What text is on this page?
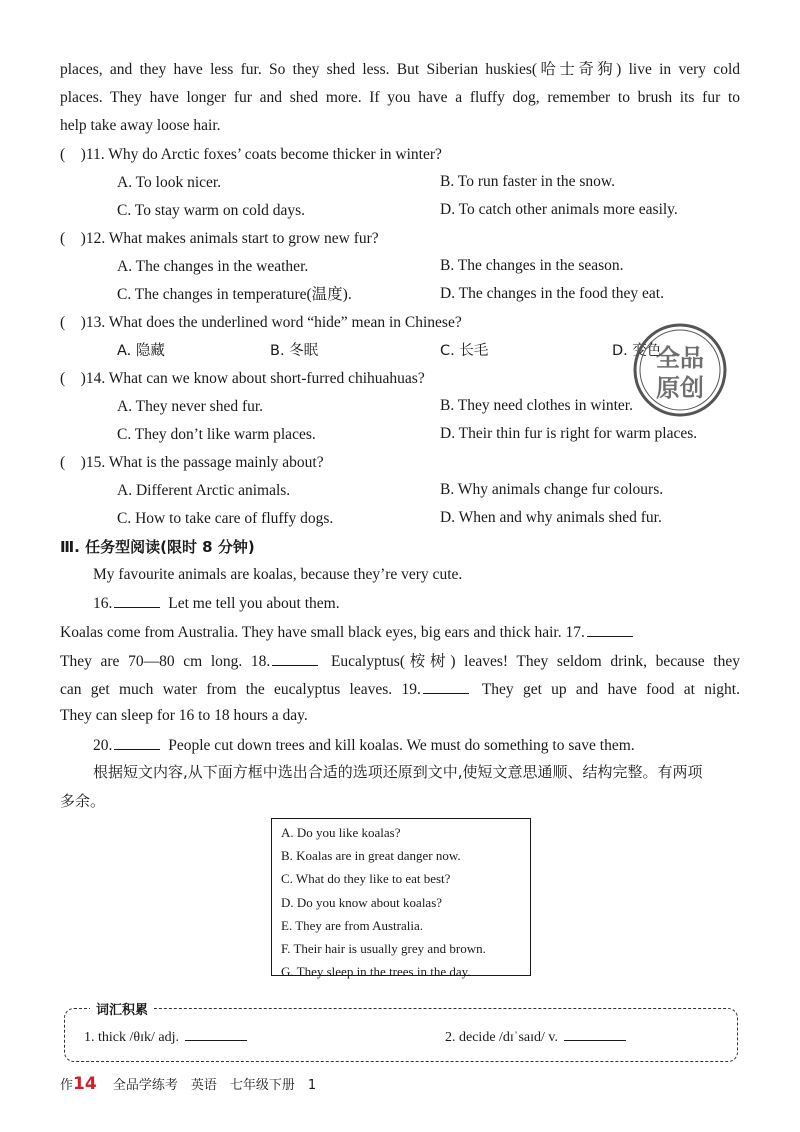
places, and they have less fur. So they shed less. But Siberian huskies(哈士奇狗) live in very cold
places. They have longer fur and shed more. If you have a fluffy dog, remember to brush its fur to
help take away loose hair.
(　)11. Why do Arctic foxes’ coats become thicker in winter?
A. To look nicer.	B. To run faster in the snow.
C. To stay warm on cold days.	D. To catch other animals more easily.
(　)12. What makes animals start to grow new fur?
A. The changes in the weather.	B. The changes in the season.
C. The changes in temperature(温度).	D. The changes in the food they eat.
(　)13. What does the underlined word “hide” mean in Chinese?
A. 隐藏	B. 冬眠	C. 长毛	D. 变色
(　)14. What can we know about short-furred chihuahuas?
A. They never shed fur.	B. They need clothes in winter.
C. They don’t like warm places.	D. Their thin fur is right for warm places.
(　)15. What is the passage mainly about?
A. Different Arctic animals.	B. Why animals change fur colours.
C. How to take care of fluffy dogs.	D. When and why animals shed fur.
全品
原创
Ⅲ. 任务型阅读(限时 8 分钟)
My favourite animals are koalas, because they’re very cute.
16.	Let me tell you about them.
Koalas come from Australia. They have small black eyes, big ears and thick hair. 17.
They are 70—80 cm long. 18.	Eucalyptus(桉树) leaves! They seldom drink, because they
can get much water from the eucalyptus leaves. 19.	They get up and have food at night.
They can sleep for 16 to 18 hours a day.
20.	People cut down trees and kill koalas. We must do something to save them.
根据短文内容,从下面方框中选出合适的选项还原到文中,使短文意思通顺、结构完整。有两项
多余。
A. Do you like koalas?
B. Koalas are in great danger now.
C. What do they like to eat best?
D. Do you know about koalas?
E. They are from Australia.
F. Their hair is usually grey and brown.
G. They sleep in the trees in the day.
词汇积累
1. thick /θɪk/ adj.	2. decide /dɪˈsaɪd/ v.
作14 全品学练考　英语　七年级下册　1
